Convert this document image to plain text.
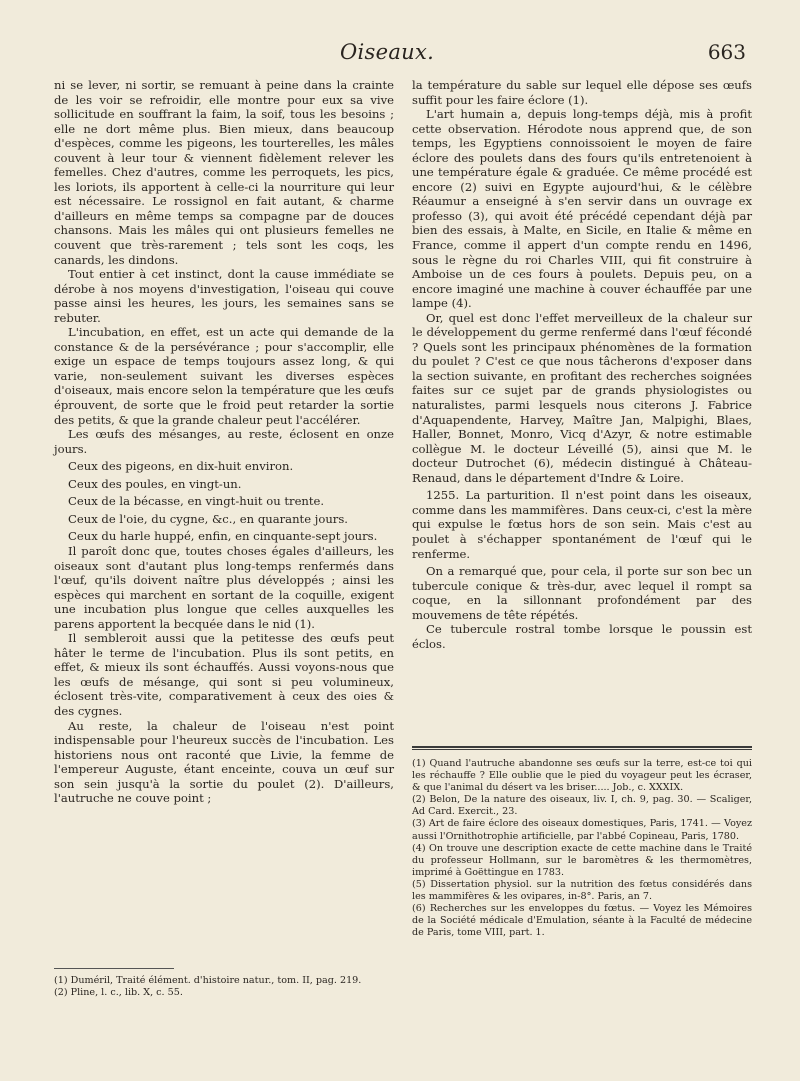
Oiseaux.	663

ni se lever, ni sortir, se remuant à peine dans la crainte de les voir se refroidir, elle montre pour eux sa vive sollicitude en souffrant la faim, la soif, tous les besoins ; elle ne dort même plus. Bien mieux, dans beaucoup d'espèces, comme les pigeons, les tourterelles, les mâles couvent à leur tour & viennent fidèlement relever les femelles. Chez d'autres, comme les perroquets, les pics, les loriots, ils apportent à celle-ci la nourriture qui leur est nécessaire. Le rossignol en fait autant, & charme d'ailleurs en même temps sa compagne par de douces chansons. Mais les mâles qui ont plusieurs femelles ne couvent que très-rarement ; tels sont les coqs, les canards, les dindons.

Tout entier à cet instinct, dont la cause immédiate se dérobe à nos moyens d'investigation, l'oiseau qui couve passe ainsi les heures, les jours, les semaines sans se rebuter.

L'incubation, en effet, est un acte qui demande de la constance & de la persévérance ; pour s'accomplir, elle exige un espace de temps toujours assez long, & qui varie, non-seulement suivant les diverses espèces d'oiseaux, mais encore selon la température que les œufs éprouvent, de sorte que le froid peut retarder la sortie des petits, & que la grande chaleur peut l'accélérer.

Les œufs des mésanges, au reste, éclosent en onze jours.

Ceux des pigeons, en dix-huit environ.

Ceux des poules, en vingt-un.

Ceux de la bécasse, en vingt-huit ou trente.

Ceux de l'oie, du cygne, &c., en quarante jours.

Ceux du harle huppé, enfin, en cinquante-sept jours.

Il paroît donc que, toutes choses égales d'ailleurs, les oiseaux sont d'autant plus long-temps renfermés dans l'œuf, qu'ils doivent naître plus développés ; ainsi les espèces qui marchent en sortant de la coquille, exigent une incubation plus longue que celles auxquelles les parens apportent la becquée dans le nid (1).

Il sembleroit aussi que la petitesse des œufs peut hâter le terme de l'incubation. Plus ils sont petits, en effet, & mieux ils sont échauffés. Aussi voyons-nous que les œufs de mésange, qui sont si peu volumineux, éclosent très-vite, comparativement à ceux des oies & des cygnes.

Au reste, la chaleur de l'oiseau n'est point indispensable pour l'heureux succès de l'incubation. Les historiens nous ont raconté que Livie, la femme de l'empereur Auguste, étant enceinte, couva un œuf sur son sein jusqu'à la sortie du poulet (2). D'ailleurs, l'autruche ne couve point ;

(1) Duméril, Traité élément. d'histoire natur., tom. II, pag. 219.

(2) Pline, l. c., lib. X, c. 55.

la température du sable sur lequel elle dépose ses œufs suffit pour les faire éclore (1).

L'art humain a, depuis long-temps déjà, mis à profit cette observation. Hérodote nous apprend que, de son temps, les Egyptiens connoissoient le moyen de faire éclore des poulets dans des fours qu'ils entretenoient à une température égale & graduée. Ce même procédé est encore (2) suivi en Egypte aujourd'hui, & le célèbre Réaumur a enseigné à s'en servir dans un ouvrage ex professo (3), qui avoit été précédé cependant déjà par bien des essais, à Malte, en Sicile, en Italie & même en France, comme il appert d'un compte rendu en 1496, sous le règne du roi Charles VIII, qui fit construire à Amboise un de ces fours à poulets. Depuis peu, on a encore imaginé une machine à couver échauffée par une lampe (4).

Or, quel est donc l'effet merveilleux de la chaleur sur le développement du germe renfermé dans l'œuf fécondé ? Quels sont les principaux phénomènes de la formation du poulet ? C'est ce que nous tâcherons d'exposer dans la section suivante, en profitant des recherches soignées faites sur ce sujet par de grands physiologistes ou naturalistes, parmi lesquels nous citerons J. Fabrice d'Aquapendente, Harvey, Maître Jan, Malpighi, Blaes, Haller, Bonnet, Monro, Vicq d'Azyr, & notre estimable collègue M. le docteur Léveillé (5), ainsi que M. le docteur Dutrochet (6), médecin distingué à Château-Renaud, dans le département d'Indre & Loire.

1255. La parturition. Il n'est point dans les oiseaux, comme dans les mammifères. Dans ceux-ci, c'est la mère qui expulse le fœtus hors de son sein. Mais c'est au poulet à s'échapper spontanément de l'œuf qui le renferme.

On a remarqué que, pour cela, il porte sur son bec un tubercule conique & très-dur, avec lequel il rompt sa coque, en la sillonnant profondément par des mouvemens de tête répétés.

Ce tubercule rostral tombe lorsque le poussin est éclos.

(1) Quand l'autruche abandonne ses œufs sur la terre, est-ce toi qui les réchauffe ? Elle oublie que le pied du voyageur peut les écraser, & que l'animal du désert va les briser..... Job., c. XXXIX.

(2) Belon, De la nature des oiseaux, liv. I, ch. 9, pag. 30. — Scaliger, Ad Card. Exercit., 23.

(3) Art de faire éclore des oiseaux domestiques, Paris, 1741. — Voyez aussi l'Ornithotrophie artificielle, par l'abbé Copineau, Paris, 1780.

(4) On trouve une description exacte de cette machine dans le Traité du professeur Hollmann, sur le baromètres & les thermomètres, imprimé à Goëttingue en 1783.

(5) Dissertation physiol. sur la nutrition des fœtus considérés dans les mammifères & les ovipares, in-8°. Paris, an 7.

(6) Recherches sur les enveloppes du fœtus. — Voyez les Mémoires de la Société médicale d'Emulation, séante à la Faculté de médecine de Paris, tome VIII, part. 1.
